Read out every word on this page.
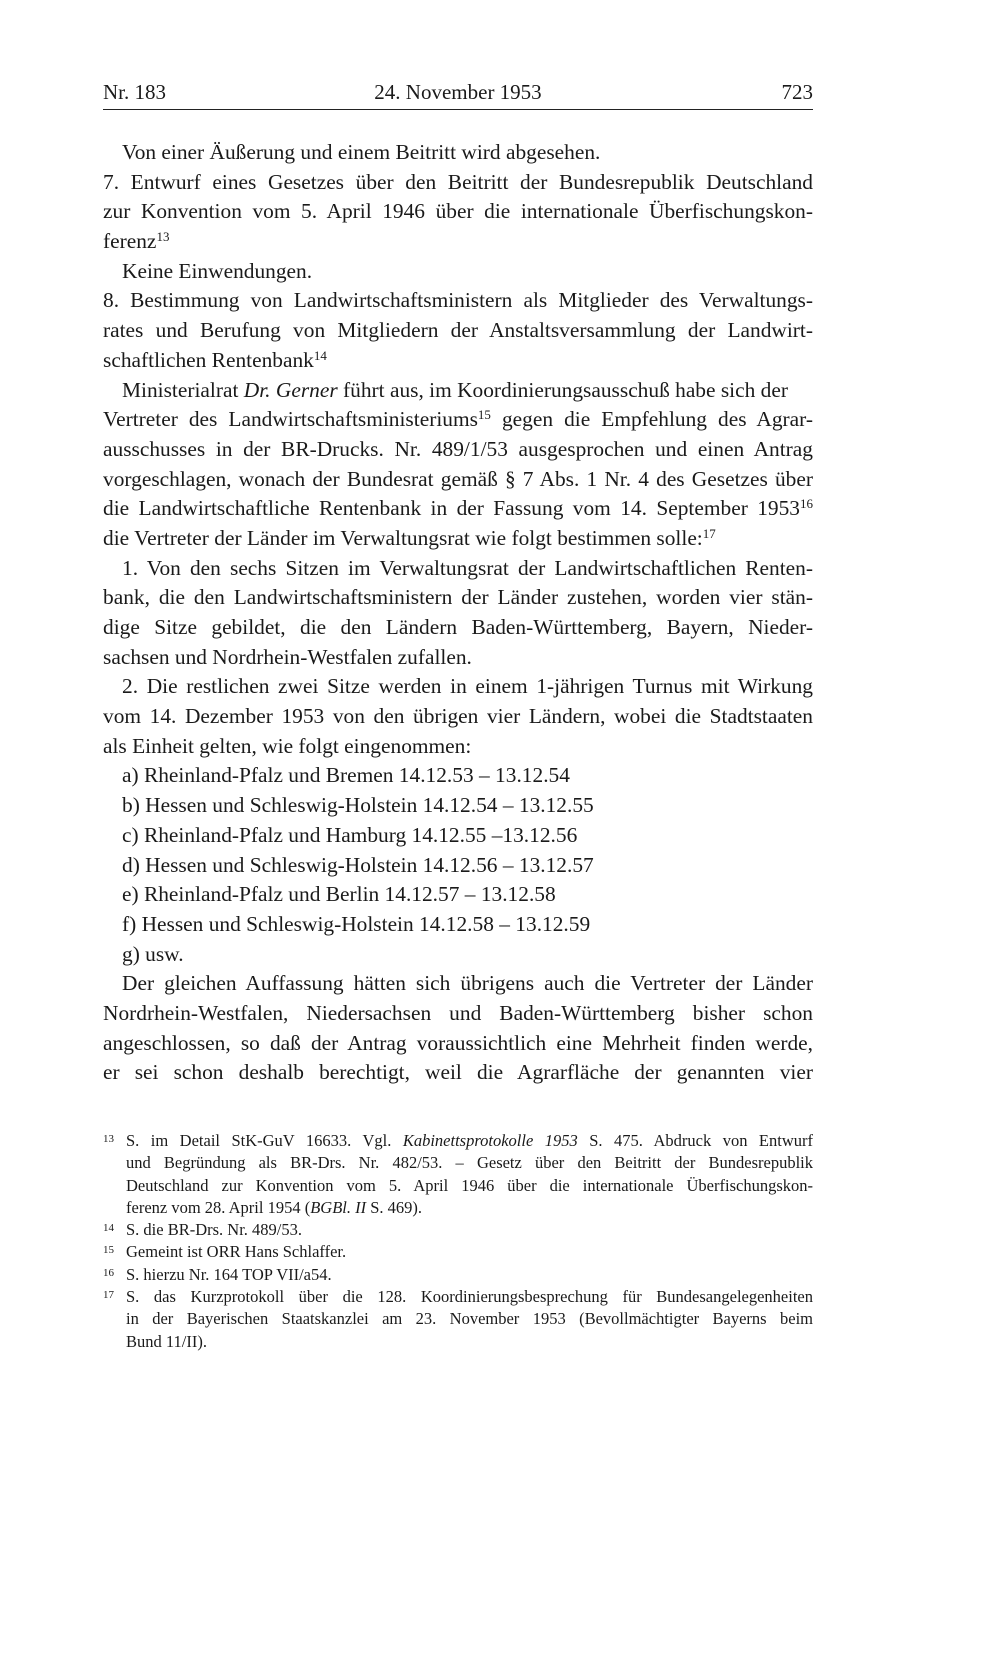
Nr. 183	24. November 1953	723
Von einer Äußerung und einem Beitritt wird abgesehen.
7. Entwurf eines Gesetzes über den Beitritt der Bundesrepublik Deutschland
zur Konvention vom 5. April 1946 über die internationale Überfischungskon-
ferenz$^{13}$
Keine Einwendungen.
8. Bestimmung von Landwirtschaftsministern als Mitglieder des Verwaltungs-
rates und Berufung von Mitgliedern der Anstaltsversammlung der Landwirt-
schaftlichen Rentenbank$^{14}$
Ministerialrat Dr. Gerner führt aus, im Koordinierungsausschuß habe sich der
Vertreter des Landwirtschaftsministeriums$^{15}$ gegen die Empfehlung des Agrar-
ausschusses in der BR-Drucks. Nr. 489/1/53 ausgesprochen und einen Antrag
vorgeschlagen, wonach der Bundesrat gemäß § 7 Abs. 1 Nr. 4 des Gesetzes über
die Landwirtschaftliche Rentenbank in der Fassung vom 14. September 1953$^{16}$
die Vertreter der Länder im Verwaltungsrat wie folgt bestimmen solle:$^{17}$
1. Von den sechs Sitzen im Verwaltungsrat der Landwirtschaftlichen Renten-
bank, die den Landwirtschaftsministern der Länder zustehen, worden vier stän-
dige Sitze gebildet, die den Ländern Baden-Württemberg, Bayern, Nieder-
sachsen und Nordrhein-Westfalen zufallen.
2. Die restlichen zwei Sitze werden in einem 1-jährigen Turnus mit Wirkung
vom 14. Dezember 1953 von den übrigen vier Ländern, wobei die Stadtstaaten
als Einheit gelten, wie folgt eingenommen:
a) Rheinland-Pfalz und Bremen 14.12.53 – 13.12.54
b) Hessen und Schleswig-Holstein 14.12.54 – 13.12.55
c) Rheinland-Pfalz und Hamburg 14.12.55 –13.12.56
d) Hessen und Schleswig-Holstein 14.12.56 – 13.12.57
e) Rheinland-Pfalz und Berlin 14.12.57 – 13.12.58
f) Hessen und Schleswig-Holstein 14.12.58 – 13.12.59
g) usw.
Der gleichen Auffassung hätten sich übrigens auch die Vertreter der Länder
Nordrhein-Westfalen, Niedersachsen und Baden-Württemberg bisher schon
angeschlossen, so daß der Antrag voraussichtlich eine Mehrheit finden werde,
er sei schon deshalb berechtigt, weil die Agrarfläche der genannten vier
13 S. im Detail StK-GuV 16633. Vgl. Kabinettsprotokolle 1953 S. 475. Abdruck von Entwurf
und Begründung als BR-Drs. Nr. 482/53. – Gesetz über den Beitritt der Bundesrepublik
Deutschland zur Konvention vom 5. April 1946 über die internationale Überfischungskon-
ferenz vom 28. April 1954 (BGBl. II S. 469).
14 S. die BR-Drs. Nr. 489/53.
15 Gemeint ist ORR Hans Schlaffer.
16 S. hierzu Nr. 164 TOP VII/a54.
17 S. das Kurzprotokoll über die 128. Koordinierungsbesprechung für Bundesangelegenheiten
in der Bayerischen Staatskanzlei am 23. November 1953 (Bevollmächtigter Bayerns beim
Bund 11/II).
